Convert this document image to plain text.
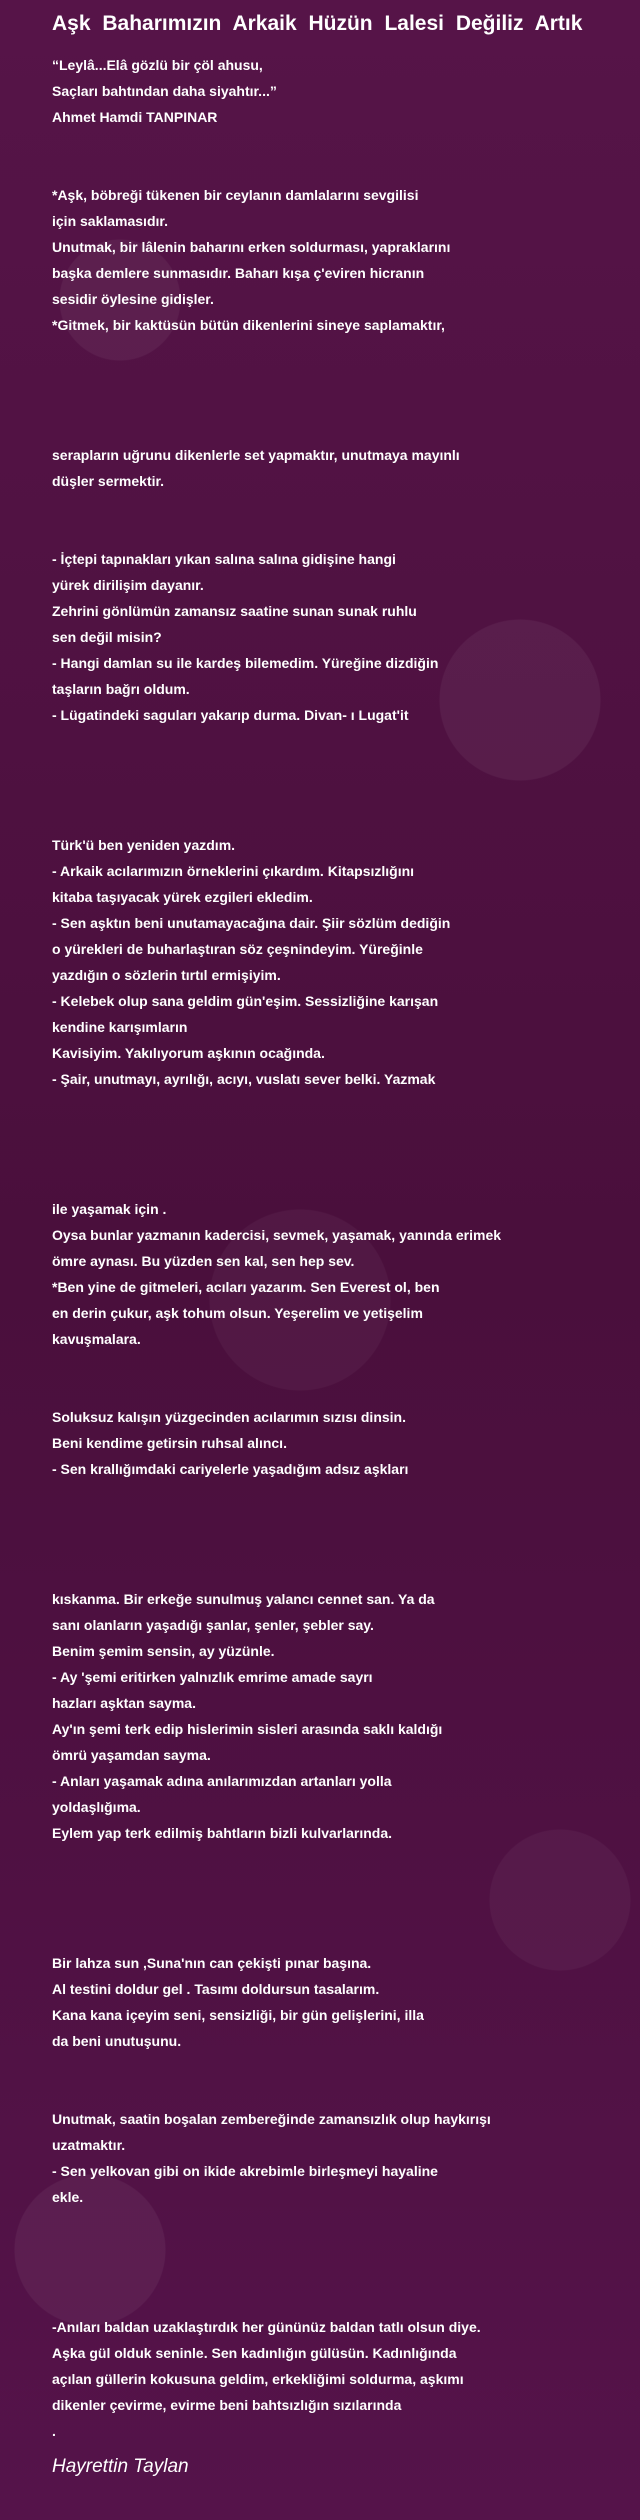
Aşk Baharımızın Arkaik Hüzün Lalesi Değiliz Artık
“Leylâ...Elâ gözlü bir çöl ahusu,
Saçları bahtından daha siyahtır...”
Ahmet Hamdi TANPINAR
*Aşk, böbreği tükenen bir ceylanın damlalarını sevgilisi
için saklamasıdır.
Unutmak, bir lâlenin baharını erken soldurması, yapraklarını
başka demlere sunmasıdır. Baharı kışa ç'eviren hicranın
sesidir öylesine gidişler.
*Gitmek, bir kaktüsün bütün dikenlerini sineye saplamaktır,
serapların uğrunu dikenlerle set yapmaktır, unutmaya mayınlı
düşler sermektir.
- İçtepi tapınakları yıkan salına salına gidişine hangi
yürek dirilişim dayanır.
Zehrini gönlümün zamansız saatine sunan sunak ruhlu
sen değil misin?
- Hangi damlan su ile kardeş bilemedim. Yüreğine dizdiğin
taşların bağrı oldum.
- Lügatindeki saguları yakarıp durma. Divan- ı Lugat'it
Türk'ü ben yeniden yazdım.
- Arkaik acılarımızın örneklerini çıkardım. Kitapsızlığını
kitaba taşıyacak yürek ezgileri ekledim.
- Sen aşktın beni unutamayacağına dair. Şiir sözlüm dediğin
o yürekleri de buharlaştıran söz çeşnindeyim. Yüreğinle
yazdığın o sözlerin tırtıl ermişiyim.
- Kelebek olup sana geldim gün'eşim. Sessizliğine karışan
kendine karışımların
Kavisiyim. Yakılıyorum aşkının ocağında.
- Şair, unutmayı, ayrılığı, acıyı, vuslatı sever belki. Yazmak
ile yaşamak için .
Oysa bunlar yazmanın kadercisi, sevmek, yaşamak, yanında erimek
ömre aynası. Bu yüzden sen kal, sen hep sev.
*Ben yine de gitmeleri, acıları yazarım. Sen Everest ol, ben
en derin çukur, aşk tohum olsun. Yeşerelim ve yetişelim
kavuşmalara.
Soluksuz kalışın yüzgecinden acılarımın sızısı dinsin.
Beni kendime getirsin ruhsal alıncı.
- Sen krallığımdaki cariyelerle yaşadığım adsız aşkları
kıskanma. Bir erkeğe sunulmuş yalancı cennet san. Ya da
sanı olanların yaşadığı şanlar, şenler, şebler say.
Benim şemim sensin, ay yüzünle.
- Ay 'şemi eritirken yalnızlık emrime amade sayrı
hazları aşktan sayma.
Ay'ın şemi terk edip hislerimin sisleri arasında saklı kaldığı
ömrü yaşamdan sayma.
- Anları yaşamak adına anılarımızdan artanları yolla
yoldaşlığıma.
Eylem yap terk edilmiş bahtların bizli kulvarlarında.
Bir lahza sun ,Suna'nın can çekişti pınar başına.
Al testini doldur gel . Tasımı doldursun tasalarım.
Kana kana içeyim seni, sensizliği, bir gün gelişlerini, illa
da beni unutuşunu.
Unutmak, saatin boşalan zembereğinde zamansızlık olup haykırışı
uzatmaktır.
- Sen yelkovan gibi on ikide akrebimle birleşmeyi hayaline
ekle.
-Anıları baldan uzaklaştırdık her gününüz baldan tatlı olsun diye.
Aşka gül olduk seninle. Sen kadınlığın gülüsün. Kadınlığında
açılan güllerin kokusuna geldim, erkekliğimi soldurma, aşkımı
dikenler çevirme, evirme beni bahtsızlığın sızılarında
.

Hayrettin Taylan
